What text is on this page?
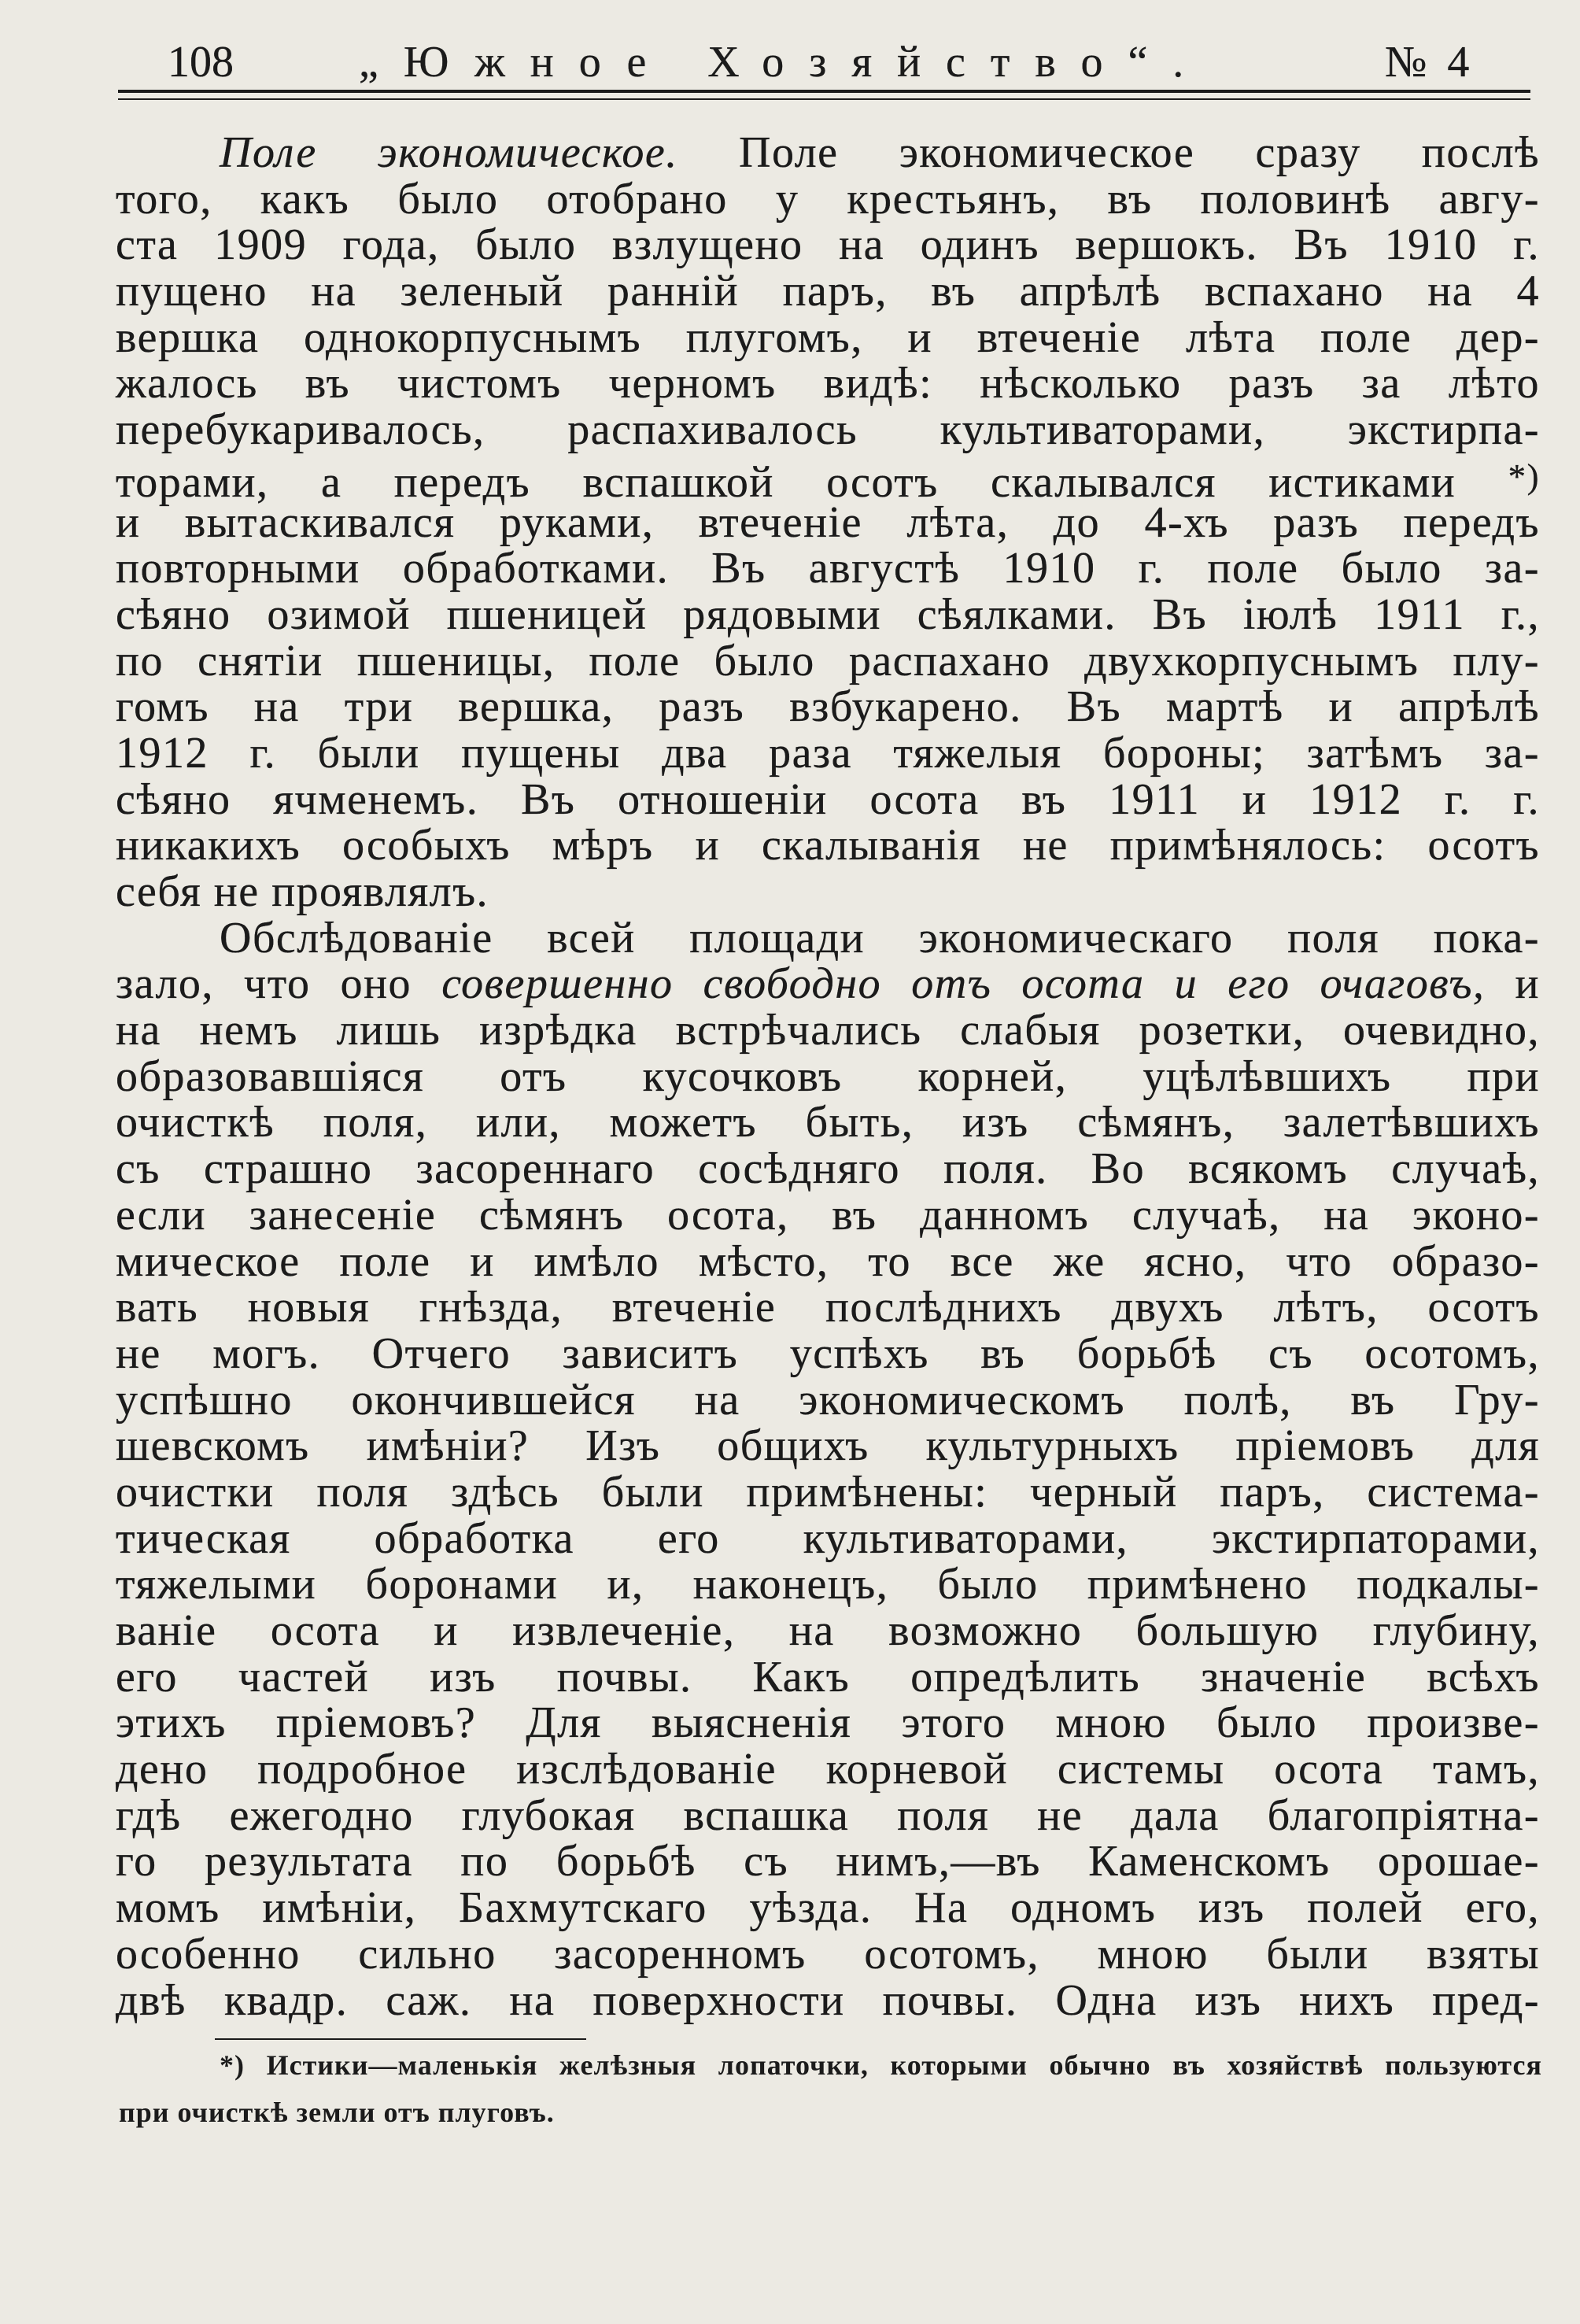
108	„Южное Хозяйство“.	№ 4
Поле экономическое. Поле экономическое сразу послѣ
того, какъ было отобрано у крестьянъ, въ половинѣ авгу-
ста 1909 года, было взлущено на одинъ вершокъ. Въ 1910 г.
пущено на зеленый ранній паръ, въ апрѣлѣ вспахано на 4
вершка однокорпуснымъ плугомъ, и втеченіе лѣта поле дер-
жалось въ чистомъ черномъ видѣ: нѣсколько разъ за лѣто
перебукаривалось, распахивалось культиваторами, экстирпа-
торами, а передъ вспашкой осотъ скалывался истиками *)
и вытаскивался руками, втеченіе лѣта, до 4-хъ разъ передъ
повторными обработками. Въ августѣ 1910 г. поле было за-
сѣяно озимой пшеницей рядовыми сѣялками. Въ іюлѣ 1911 г.,
по снятіи пшеницы, поле было распахано двухкорпуснымъ плу-
гомъ на три вершка, разъ взбукарено. Въ мартѣ и апрѣлѣ
1912 г. были пущены два раза тяжелыя бороны; затѣмъ за-
сѣяно ячменемъ. Въ отношеніи осота въ 1911 и 1912 г. г.
никакихъ особыхъ мѣръ и скалыванія не примѣнялось: осотъ
себя не проявлялъ.
Обслѣдованіе всей площади экономическаго поля пока-
зало, что оно совершенно свободно отъ осота и его очаговъ, и
на немъ лишь изрѣдка встрѣчались слабыя розетки, очевидно,
образовавшіяся отъ кусочковъ корней, уцѣлѣвшихъ при
очисткѣ поля, или, можетъ быть, изъ сѣмянъ, залетѣвшихъ
съ страшно засореннаго сосѣдняго поля. Во всякомъ случаѣ,
если занесеніе сѣмянъ осота, въ данномъ случаѣ, на эконо-
мическое поле и имѣло мѣсто, то все же ясно, что образо-
вать новыя гнѣзда, втеченіе послѣднихъ двухъ лѣтъ, осотъ
не могъ. Отчего зависитъ успѣхъ въ борьбѣ съ осотомъ,
успѣшно окончившейся на экономическомъ полѣ, въ Гру-
шевскомъ имѣніи? Изъ общихъ культурныхъ пріемовъ для
очистки поля здѣсь были примѣнены: черный паръ, система-
тическая обработка его культиваторами, экстирпаторами,
тяжелыми боронами и, наконецъ, было примѣнено подкалы-
ваніе осота и извлеченіе, на возможно большую глубину,
его частей изъ почвы. Какъ опредѣлить значеніе всѣхъ
этихъ пріемовъ? Для выясненія этого мною было произве-
дено подробное изслѣдованіе корневой системы осота тамъ,
гдѣ ежегодно глубокая вспашка поля не дала благопріятна-
го результата по борьбѣ съ нимъ,—въ Каменскомъ орошае-
момъ имѣніи, Бахмутскаго уѣзда. На одномъ изъ полей его,
особенно сильно засоренномъ осотомъ, мною были взяты
двѣ квадр. саж. на поверхности почвы. Одна изъ нихъ пред-
*) Истики—маленькія желѣзныя лопаточки, которыми обычно въ хозяйствѣ пользуются
при очисткѣ земли отъ плуговъ.
